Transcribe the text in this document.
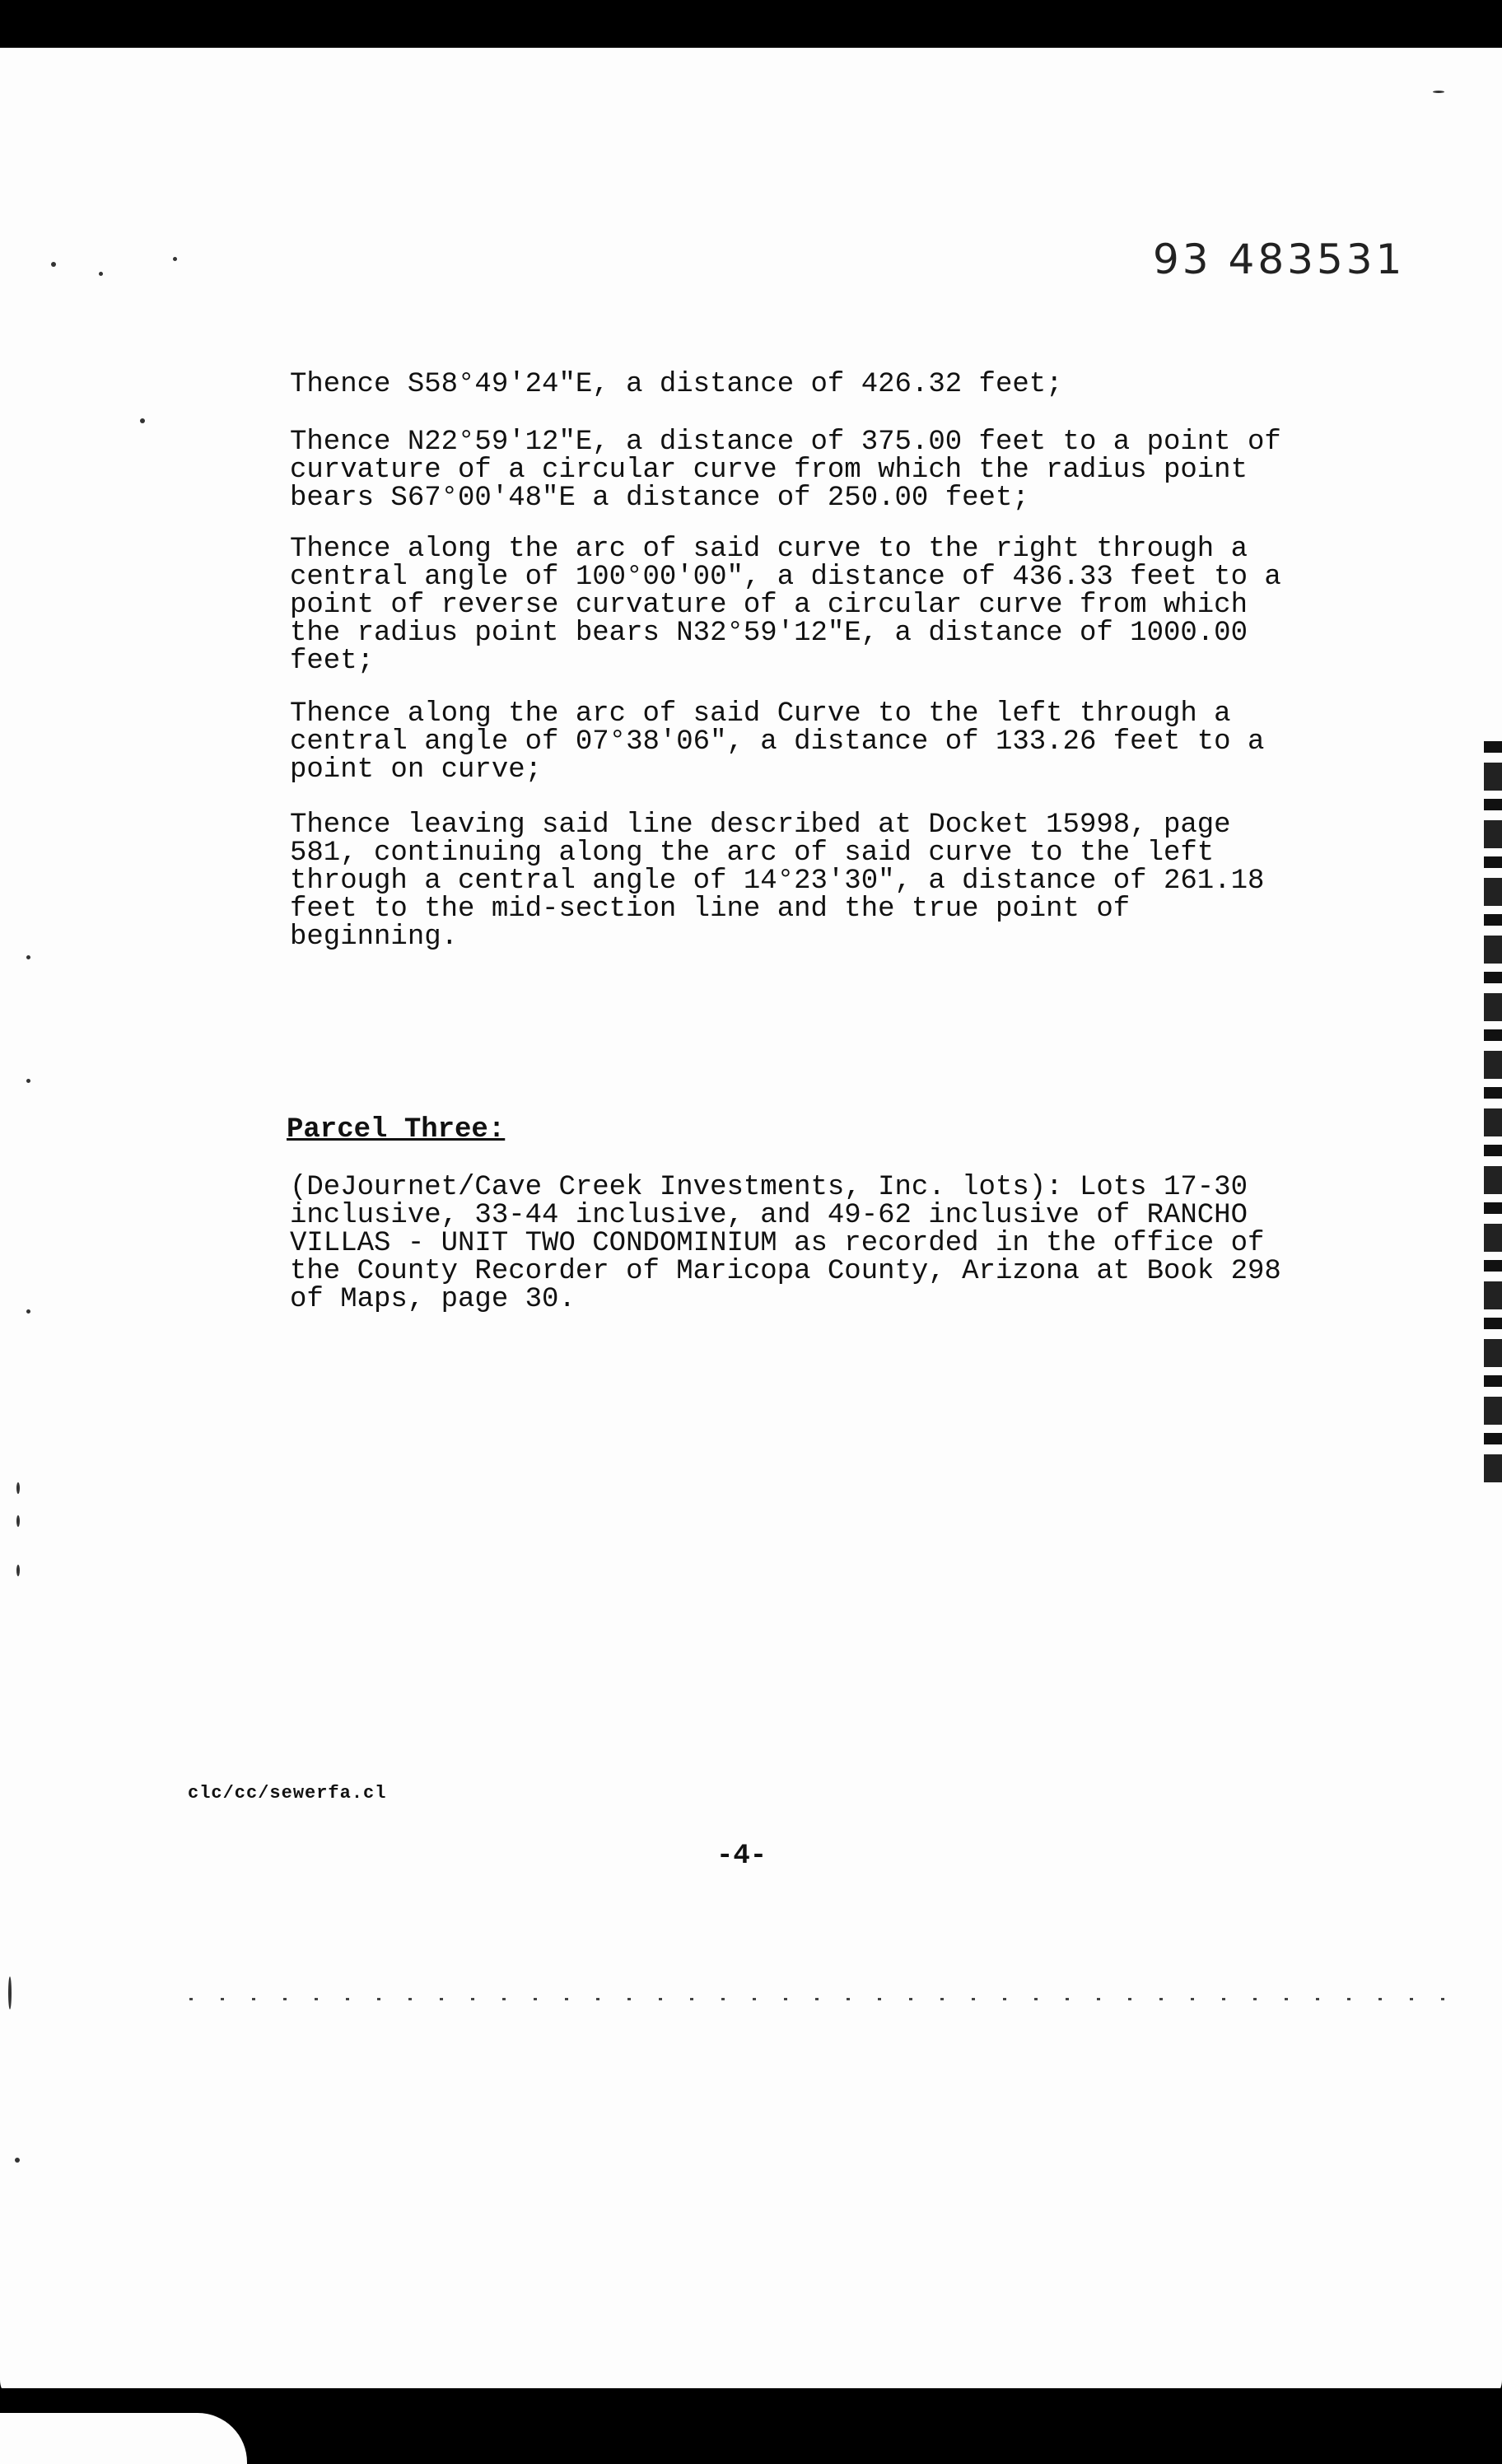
93 483531

Thence S58°49'24"E, a distance of 426.32 feet;

Thence N22°59'12"E, a distance of 375.00 feet to a point of
curvature of a circular curve from which the radius point
bears S67°00'48"E a distance of 250.00 feet;

Thence along the arc of said curve to the right through a
central angle of 100°00'00", a distance of 436.33 feet to a
point of reverse curvature of a circular curve from which
the radius point bears N32°59'12"E, a distance of 1000.00
feet;

Thence along the arc of said Curve to the left through a
central angle of 07°38'06", a distance of 133.26 feet to a
point on curve;

Thence leaving said line described at Docket 15998, page
581, continuing along the arc of said curve to the left
through a central angle of 14°23'30", a distance of 261.18
feet to the mid-section line and the true point of
beginning.

Parcel Three:

(DeJournet/Cave Creek Investments, Inc. lots): Lots 17-30
inclusive, 33-44 inclusive, and 49-62 inclusive of RANCHO
VILLAS - UNIT TWO CONDOMINIUM as recorded in the office of
the County Recorder of Maricopa County, Arizona at Book 298
of Maps, page 30.

clc/cc/sewerfa.cl
-4-
